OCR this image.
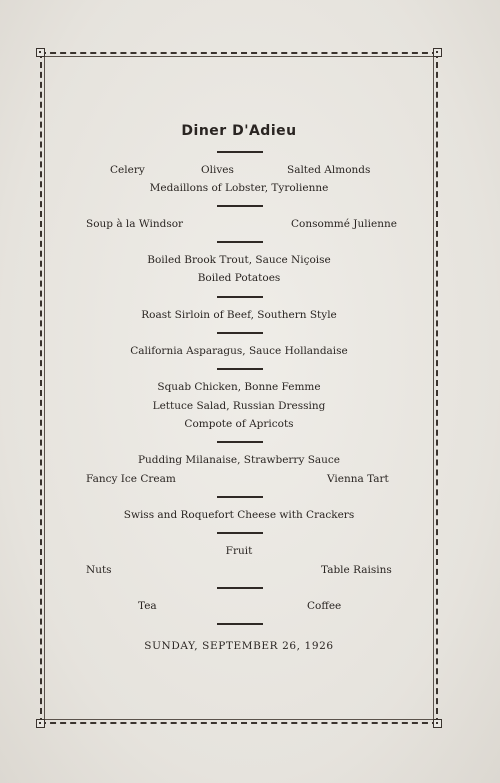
Diner D'Adieu
Celery	Olives	Salted Almonds
Medaillons of Lobster, Tyrolienne
Soup à la Windsor	Consommé Julienne
Boiled Brook Trout, Sauce Niçoise
Boiled Potatoes
Roast Sirloin of Beef, Southern Style
California Asparagus, Sauce Hollandaise
Squab Chicken, Bonne Femme
Lettuce Salad, Russian Dressing
Compote of Apricots
Pudding Milanaise, Strawberry Sauce
Fancy Ice Cream	Vienna Tart
Swiss and Roquefort Cheese with Crackers
Fruit
Nuts	Table Raisins
Tea	Coffee
SUNDAY, SEPTEMBER 26, 1926
